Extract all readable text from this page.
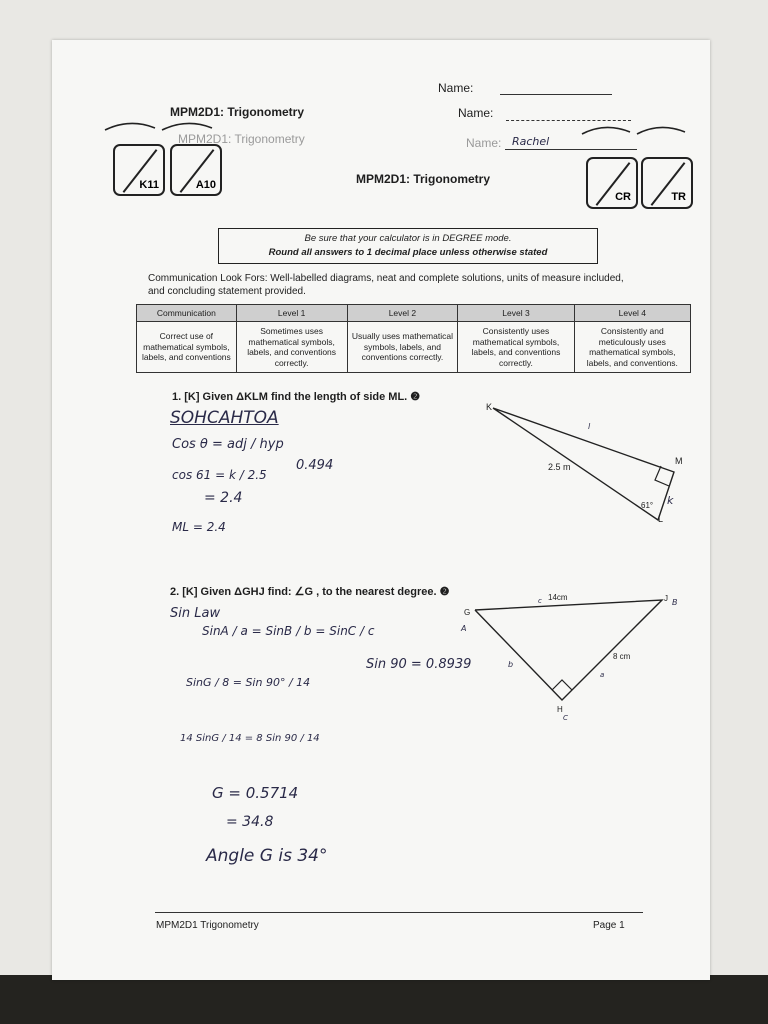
MPM2D1: Trigonometry	Name:
Name:
MPM2D1: Trigonometry	Name:
Rachel
K11	A10	MPM2D1: Trigonometry
CR	TR
Be sure that your calculator is in DEGREE mode.
Round all answers to 1 decimal place unless otherwise stated
Communication Look Fors: Well-labelled diagrams, neat and complete solutions, units of measure included,
and concluding statement provided.
Communication	Level 1	Level 2	Level 3	Level 4
Correct use of mathematical symbols, labels, and conventions	Sometimes uses mathematical symbols, labels, and conventions correctly.	Usually uses mathematical symbols, labels, and conventions correctly.	Consistently uses mathematical symbols, labels, and conventions correctly.	Consistently and meticulously uses mathematical symbols, labels, and conventions.
1. [K] Given ΔKLM find the length of side ML. ❷
SOHCAHTOA
Cos θ = adj / hyp
cos 61 = k / 2.5
= 2.4
ML = 2.4
0.494
K
M
L
2.5 m
61°
l
k
2. [K] Given ΔGHJ find: ∠G , to the nearest degree. ❷
Sin Law
SinA / a = SinB / b = SinC / c
SinG / 8 = Sin 90° / 14
14 SinG / 14 = 8 Sin 90 / 14
G = 0.5714
= 34.8
Angle G is 34°
Sin 90 = 0.8939
G
J
H
14cm
8 cm
c
A
B
C
b
a
MPM2D1 Trigonometry	Page 1
